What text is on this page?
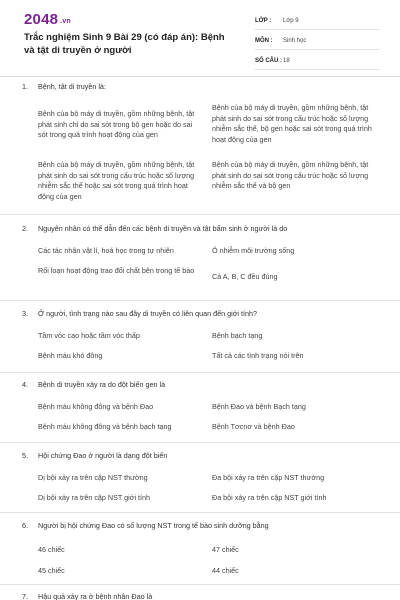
2048 .vn
Trắc nghiệm Sinh 9 Bài 29 (có đáp án): Bệnh và tật di truyền ở người
LỚP :	Lớp 9
MÔN :	Sinh học
SỐ CÂU : 18
1. Bệnh, tật di truyền là:
Bệnh của bộ máy di truyền, gồm những bệnh, tật phát sinh chỉ do sai sót trong bộ gen hoặc do sai sót trong quá trình hoạt động của gen
Bệnh của bộ máy di truyền, gồm những bệnh, tật phát sinh do sai sót trong cấu trúc hoặc số lượng nhiễm sắc thể, bộ gen hoặc sai sót trong quá trình hoạt động của gen
Bệnh của bộ máy di truyền, gồm những bệnh, tật phát sinh do sai sót trong cấu trúc hoặc số lượng nhiễm sắc thể hoặc sai sót trong quá trình hoạt động của gen
Bệnh của bộ máy di truyền, gồm những bệnh, tật phát sinh do sai sót trong cấu trúc hoặc số lượng nhiễm sắc thể và bộ gen
2. Nguyên nhân có thể dẫn đến các bệnh di truyền và tật bẩm sinh ở người là do
Các tác nhân vật lí, hoá học trong tự nhiên	Ô nhiễm môi trường sống
Rối loạn hoạt động trao đổi chất bên trong tế bào
Cả A, B, C đều đúng
3. Ở người, tình trạng nào sau đây di truyền có liên quan đến giới tính?
Tầm vóc cao hoặc tầm vóc thấp	Bệnh bạch tạng
Bệnh máu khó đông	Tất cả các tình trạng nói trên
4. Bệnh di truyền xảy ra do đột biến gen là
Bệnh máu không đông và bệnh Đao	Bệnh Đao và bệnh Bạch tạng
Bệnh máu không đông và bệnh bạch tạng	Bệnh Tơcnơ và bệnh Đao
5. Hội chứng Đao ở người là dạng đột biến
Dị bội xảy ra trên cặp NST thường	Đa bội xảy ra trên cặp NST thường
Dị bội xảy ra trên cặp NST giới tính	Đa bội xảy ra trên cặp NST giới tính
6. Người bị hội chứng Đao có số lượng NST trong tế bào sinh dưỡng bằng
46 chiếc	47 chiếc
45 chiếc	44 chiếc
7. Hậu quả xảy ra ở bệnh nhân Đao là
